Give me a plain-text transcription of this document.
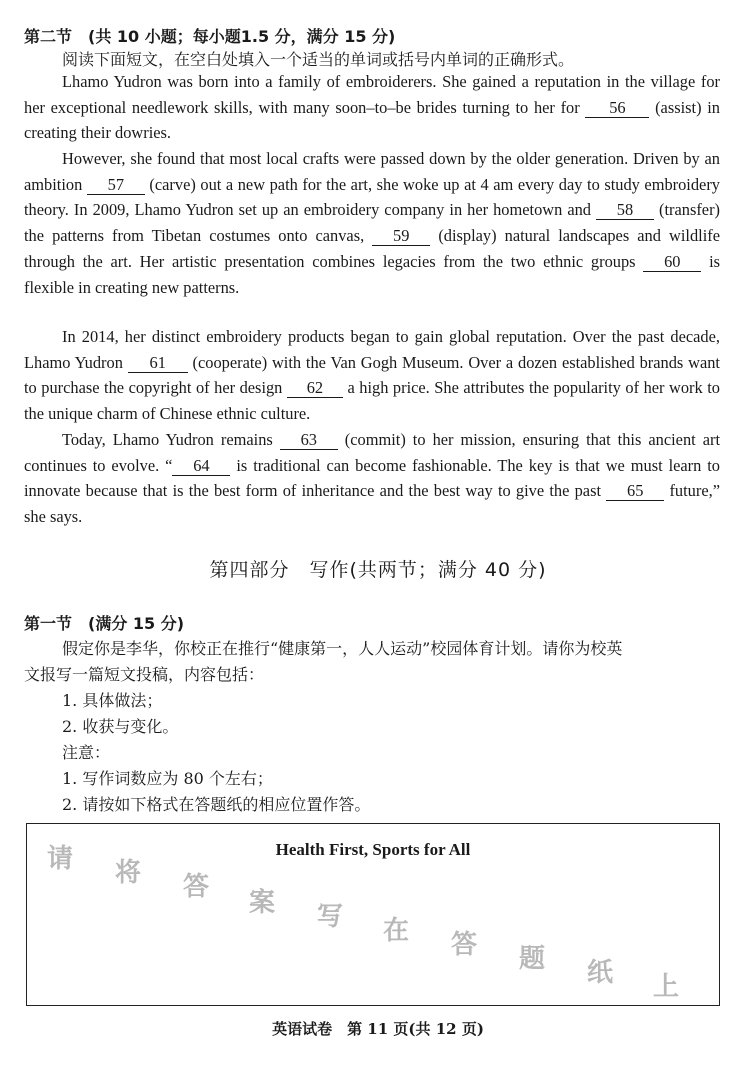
第二节 (共 10 小题；每小题1.5 分，满分 15 分)
阅读下面短文，在空白处填入一个适当的单词或括号内单词的正确形式。

Lhamo Yudron was born into a family of embroiderers. She gained a reputation in the village for her exceptional needlework skills, with many soon–to–be brides turning to her for 56 (assist) in creating their dowries.

However, she found that most local crafts were passed down by the older generation. Driven by an ambition 57 (carve) out a new path for the art, she woke up at 4 am every day to study embroidery theory. In 2009, Lhamo Yudron set up an embroidery company in her hometown and 58 (transfer) the patterns from Tibetan costumes onto canvas, 59 (display) natural landscapes and wildlife through the art. Her artistic presentation combines legacies from the two ethnic groups 60 is flexible in creating new patterns.

In 2014, her distinct embroidery products began to gain global reputation. Over the past decade, Lhamo Yudron 61 (cooperate) with the Van Gogh Museum. Over a dozen established brands want to purchase the copyright of her design 62 a high price. She attributes the popularity of her work to the unique charm of Chinese ethnic culture.

Today, Lhamo Yudron remains 63 (commit) to her mission, ensuring that this ancient art continues to evolve. “ 64 is traditional can become fashionable. The key is that we must learn to innovate because that is the best form of inheritance and the best way to give the past 65 future,” she says.

第四部分　写作(共两节；满分 40 分)
第一节 (满分 15 分)
假定你是李华，你校正在推行“健康第一，人人运动”校园体育计划。请你为校英
文报写一篇短文投稿，内容包括：
1. 具体做法；
2. 收获与变化。
注意：
1. 写作词数应为 80 个左右；
2. 请按如下格式在答题纸的相应位置作答。
Health First, Sports for All
请 将 答
案 写 在 答 题 纸 上
英语试卷　第 11 页(共 12 页)
